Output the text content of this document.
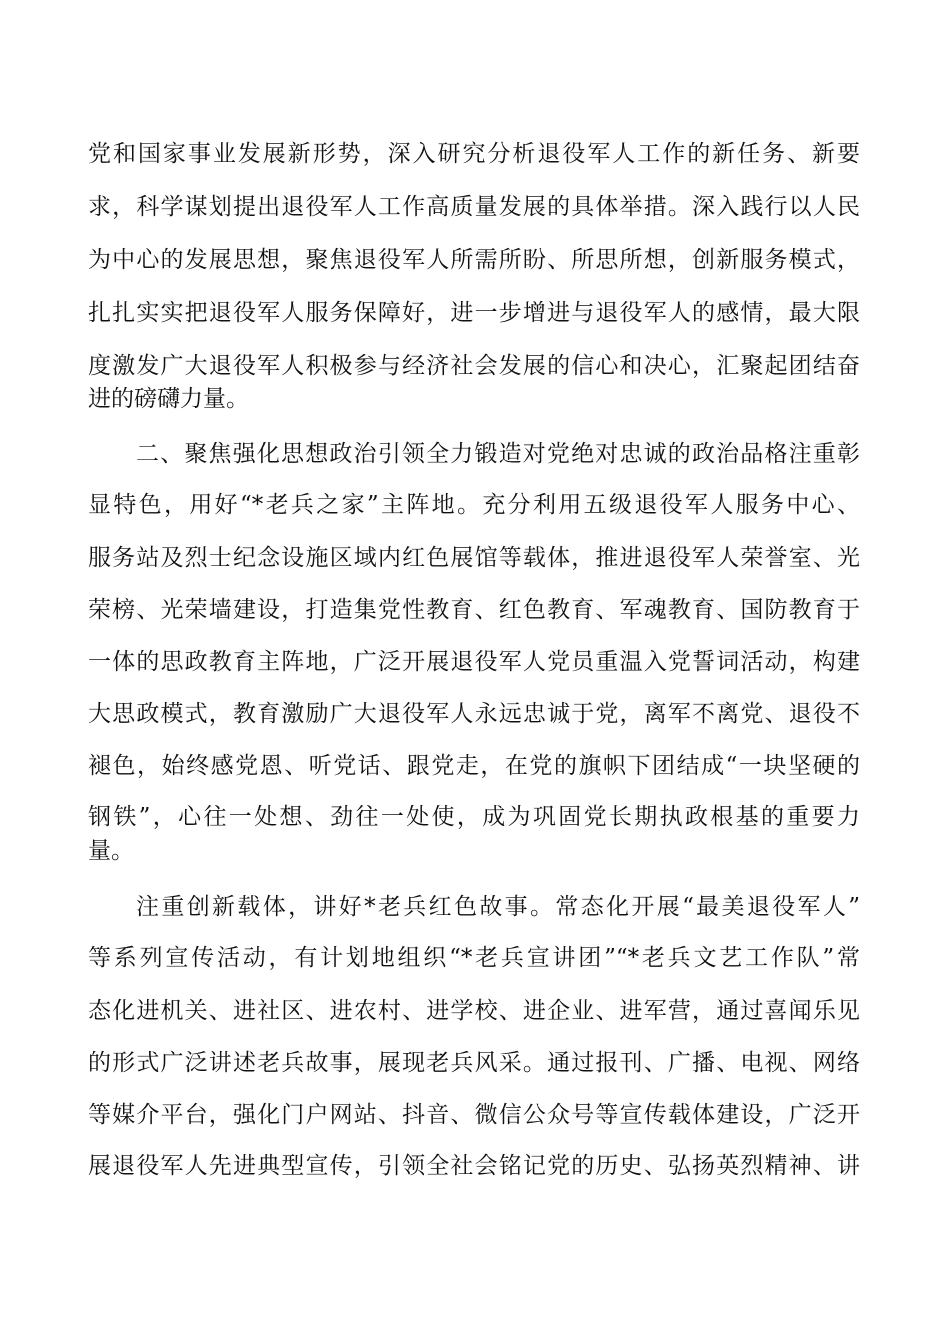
党和国家事业发展新形势，深入研究分析退役军人工作的新任务、新要
求，科学谋划提出退役军人工作高质量发展的具体举措。深入践行以人民
为中心的发展思想，聚焦退役军人所需所盼、所思所想，创新服务模式，
扎扎实实把退役军人服务保障好，进一步增进与退役军人的感情，最大限
度激发广大退役军人积极参与经济社会发展的信心和决心，汇聚起团结奋
进的磅礴力量。
二、聚焦强化思想政治引领全力锻造对党绝对忠诚的政治品格注重彰
显特色，用好“*老兵之家”主阵地。充分利用五级退役军人服务中心、
服务站及烈士纪念设施区域内红色展馆等载体，推进退役军人荣誉室、光
荣榜、光荣墙建设，打造集党性教育、红色教育、军魂教育、国防教育于
一体的思政教育主阵地，广泛开展退役军人党员重温入党誓词活动，构建
大思政模式，教育激励广大退役军人永远忠诚于党，离军不离党、退役不
褪色，始终感党恩、听党话、跟党走，在党的旗帜下团结成“一块坚硬的
钢铁”，心往一处想、劲往一处使，成为巩固党长期执政根基的重要力
量。
注重创新载体，讲好*老兵红色故事。常态化开展“最美退役军人”
等系列宣传活动，有计划地组织“*老兵宣讲团”“*老兵文艺工作队”常
态化进机关、进社区、进农村、进学校、进企业、进军营，通过喜闻乐见
的形式广泛讲述老兵故事，展现老兵风采。通过报刊、广播、电视、网络
等媒介平台，强化门户网站、抖音、微信公众号等宣传载体建设，广泛开
展退役军人先进典型宣传，引领全社会铭记党的历史、弘扬英烈精神、讲
